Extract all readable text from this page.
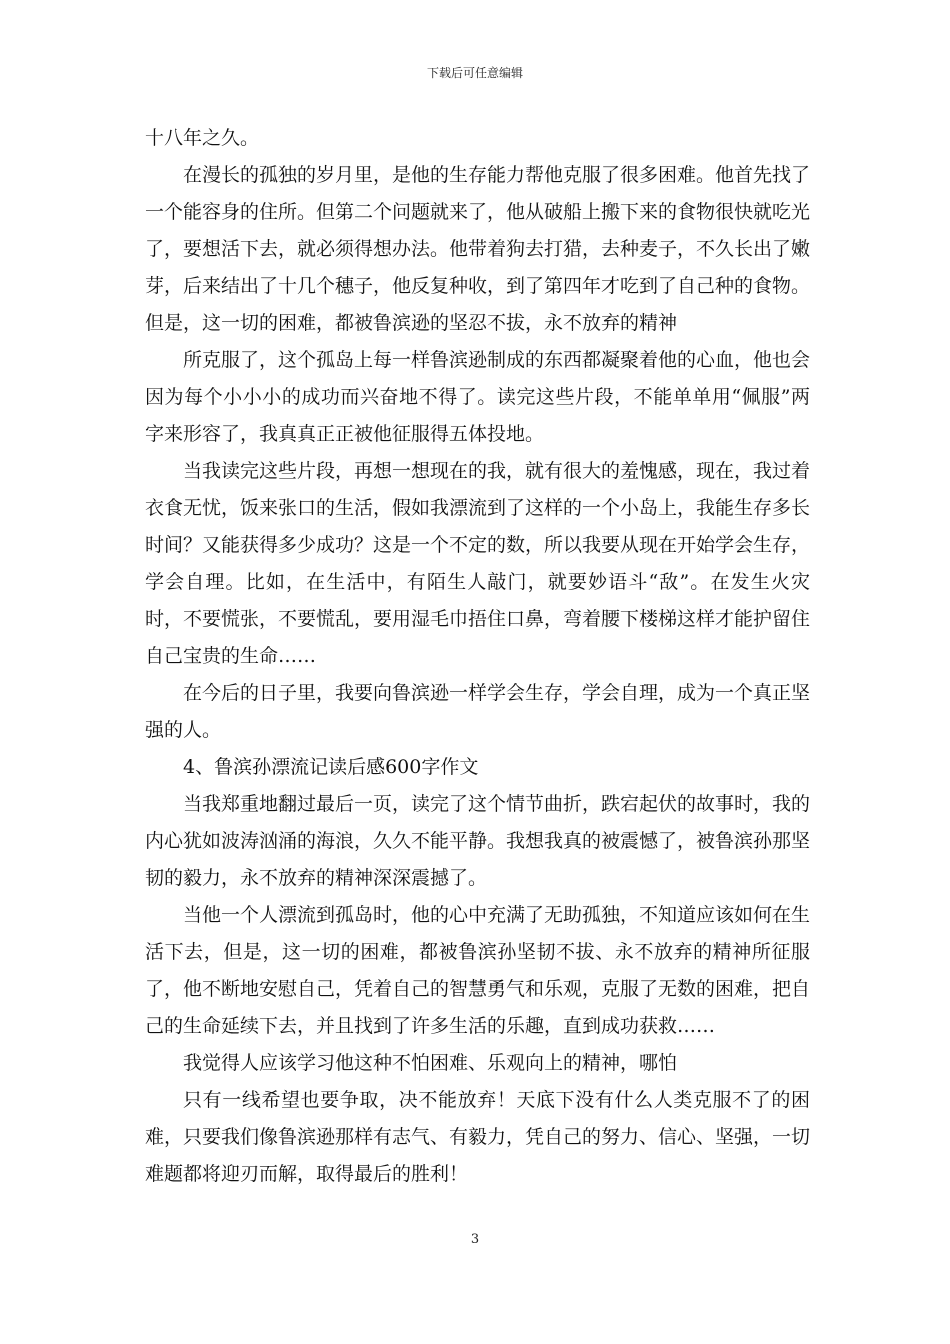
下载后可任意编辑

十八年之久。

在漫长的孤独的岁月里，是他的生存能力帮他克服了很多困难。他首先找了一个能容身的住所。但第二个问题就来了，他从破船上搬下来的食物很快就吃光了，要想活下去，就必须得想办法。他带着狗去打猎，去种麦子，不久长出了嫩芽，后来结出了十几个穗子，他反复种收，到了第四年才吃到了自己种的食物。但是，这一切的困难，都被鲁滨逊的坚忍不拔，永不放弃的精神

所克服了，这个孤岛上每一样鲁滨逊制成的东西都凝聚着他的心血，他也会因为每个小小小的成功而兴奋地不得了。读完这些片段，不能单单用“佩服”两字来形容了，我真真正正被他征服得五体投地。

当我读完这些片段，再想一想现在的我，就有很大的羞愧感，现在，我过着衣食无忧，饭来张口的生活，假如我漂流到了这样的一个小岛上，我能生存多长时间？又能获得多少成功？这是一个不定的数，所以我要从现在开始学会生存，学会自理。比如，在生活中，有陌生人敲门，就要妙语斗“敌”。在发生火灾时，不要慌张，不要慌乱，要用湿毛巾捂住口鼻，弯着腰下楼梯这样才能护留住自己宝贵的生命……

在今后的日子里，我要向鲁滨逊一样学会生存，学会自理，成为一个真正坚强的人。

4、鲁滨孙漂流记读后感600字作文

当我郑重地翻过最后一页，读完了这个情节曲折，跌宕起伏的故事时，我的内心犹如波涛汹涌的海浪，久久不能平静。我想我真的被震憾了，被鲁滨孙那坚韧的毅力，永不放弃的精神深深震撼了。

当他一个人漂流到孤岛时，他的心中充满了无助孤独，不知道应该如何在生活下去，但是，这一切的困难，都被鲁滨孙坚韧不拔、永不放弃的精神所征服了，他不断地安慰自己，凭着自己的智慧勇气和乐观，克服了无数的困难，把自己的生命延续下去，并且找到了许多生活的乐趣，直到成功获救……

我觉得人应该学习他这种不怕困难、乐观向上的精神，哪怕

只有一线希望也要争取，决不能放弃！天底下没有什么人类克服不了的困难，只要我们像鲁滨逊那样有志气、有毅力，凭自己的努力、信心、坚强，一切难题都将迎刃而解，取得最后的胜利！

3
